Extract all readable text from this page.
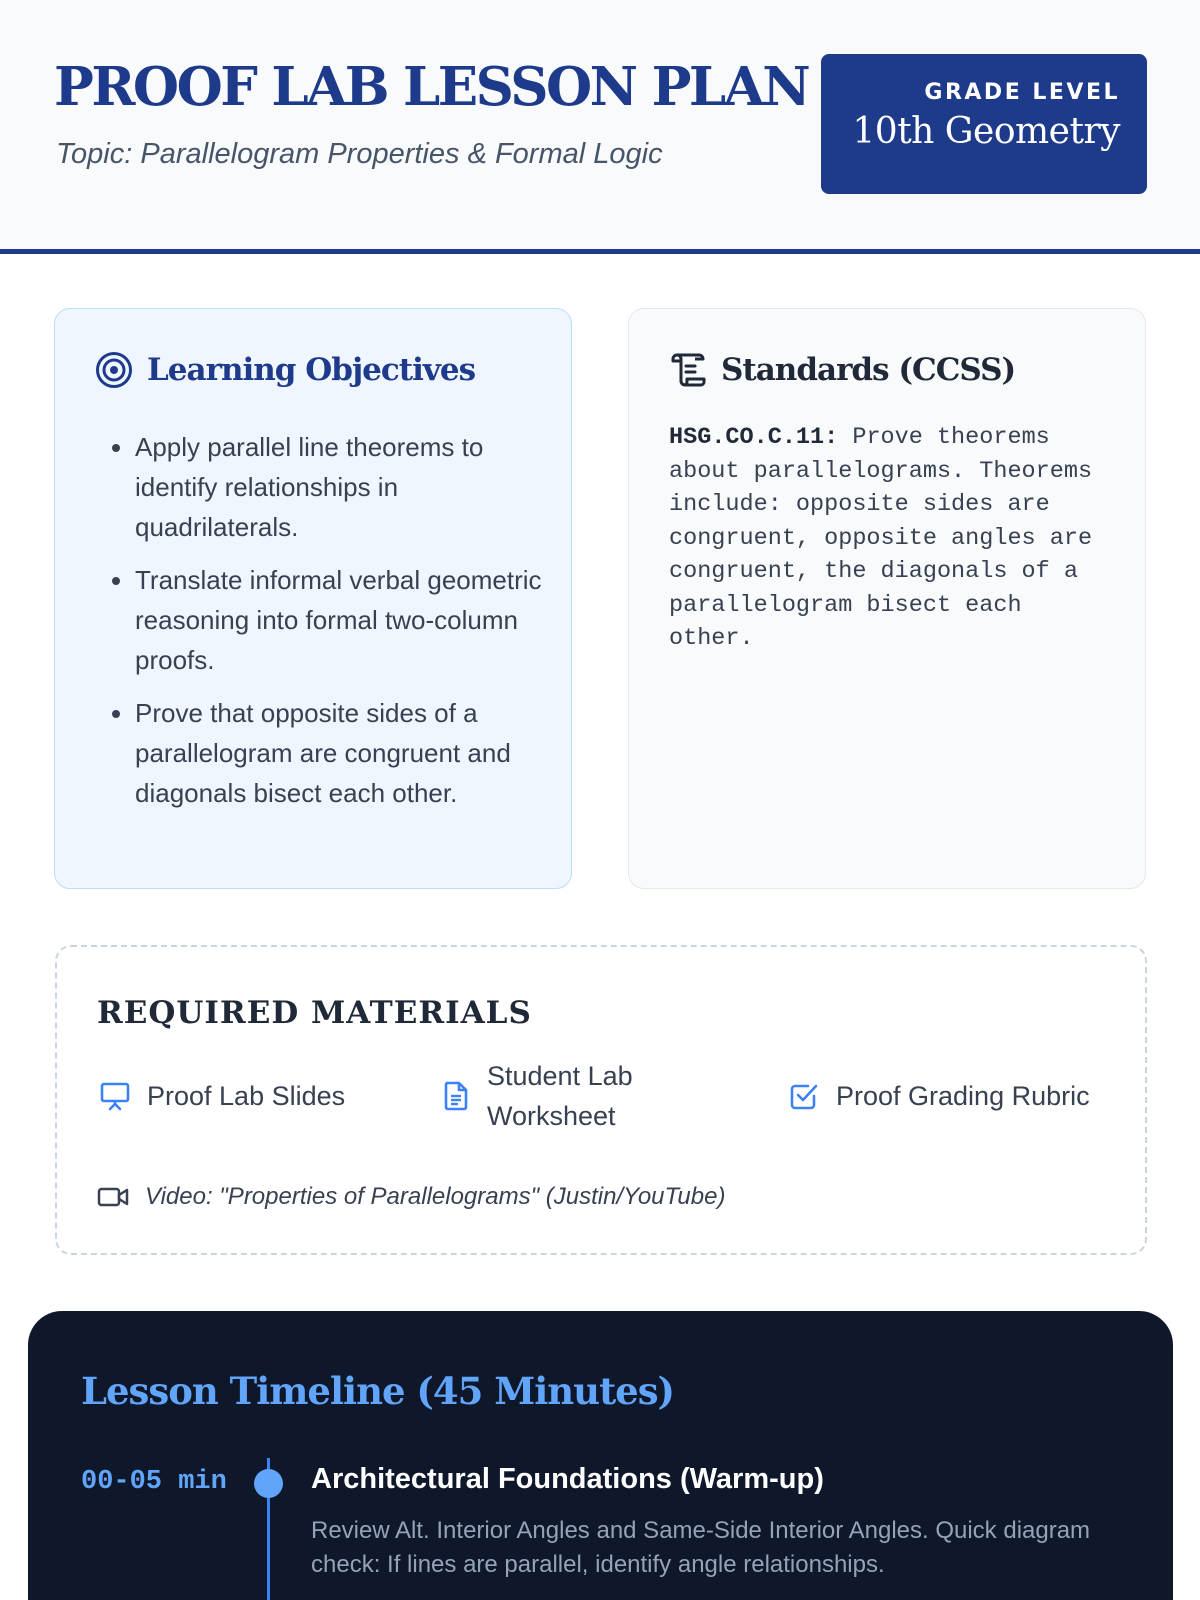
PROOF LAB LESSON PLAN
Topic: Parallelogram Properties & Formal Logic
GRADE LEVEL
10th Geometry
Learning Objectives
• Apply parallel line theorems to identify relationships in quadrilaterals.
• Translate informal verbal geometric reasoning into formal two-column proofs.
• Prove that opposite sides of a parallelogram are congruent and diagonals bisect each other.
Standards (CCSS)
HSG.CO.C.11: Prove theorems about parallelograms. Theorems include: opposite sides are congruent, opposite angles are congruent, the diagonals of a parallelogram bisect each other.
REQUIRED MATERIALS
Proof Lab Slides
Student Lab Worksheet
Proof Grading Rubric
Video: "Properties of Parallelograms" (Justin/YouTube)
Lesson Timeline (45 Minutes)
00-05 min	Architectural Foundations (Warm-up)
Review Alt. Interior Angles and Same-Side Interior Angles. Quick diagram check: If lines are parallel, identify angle relationships.
